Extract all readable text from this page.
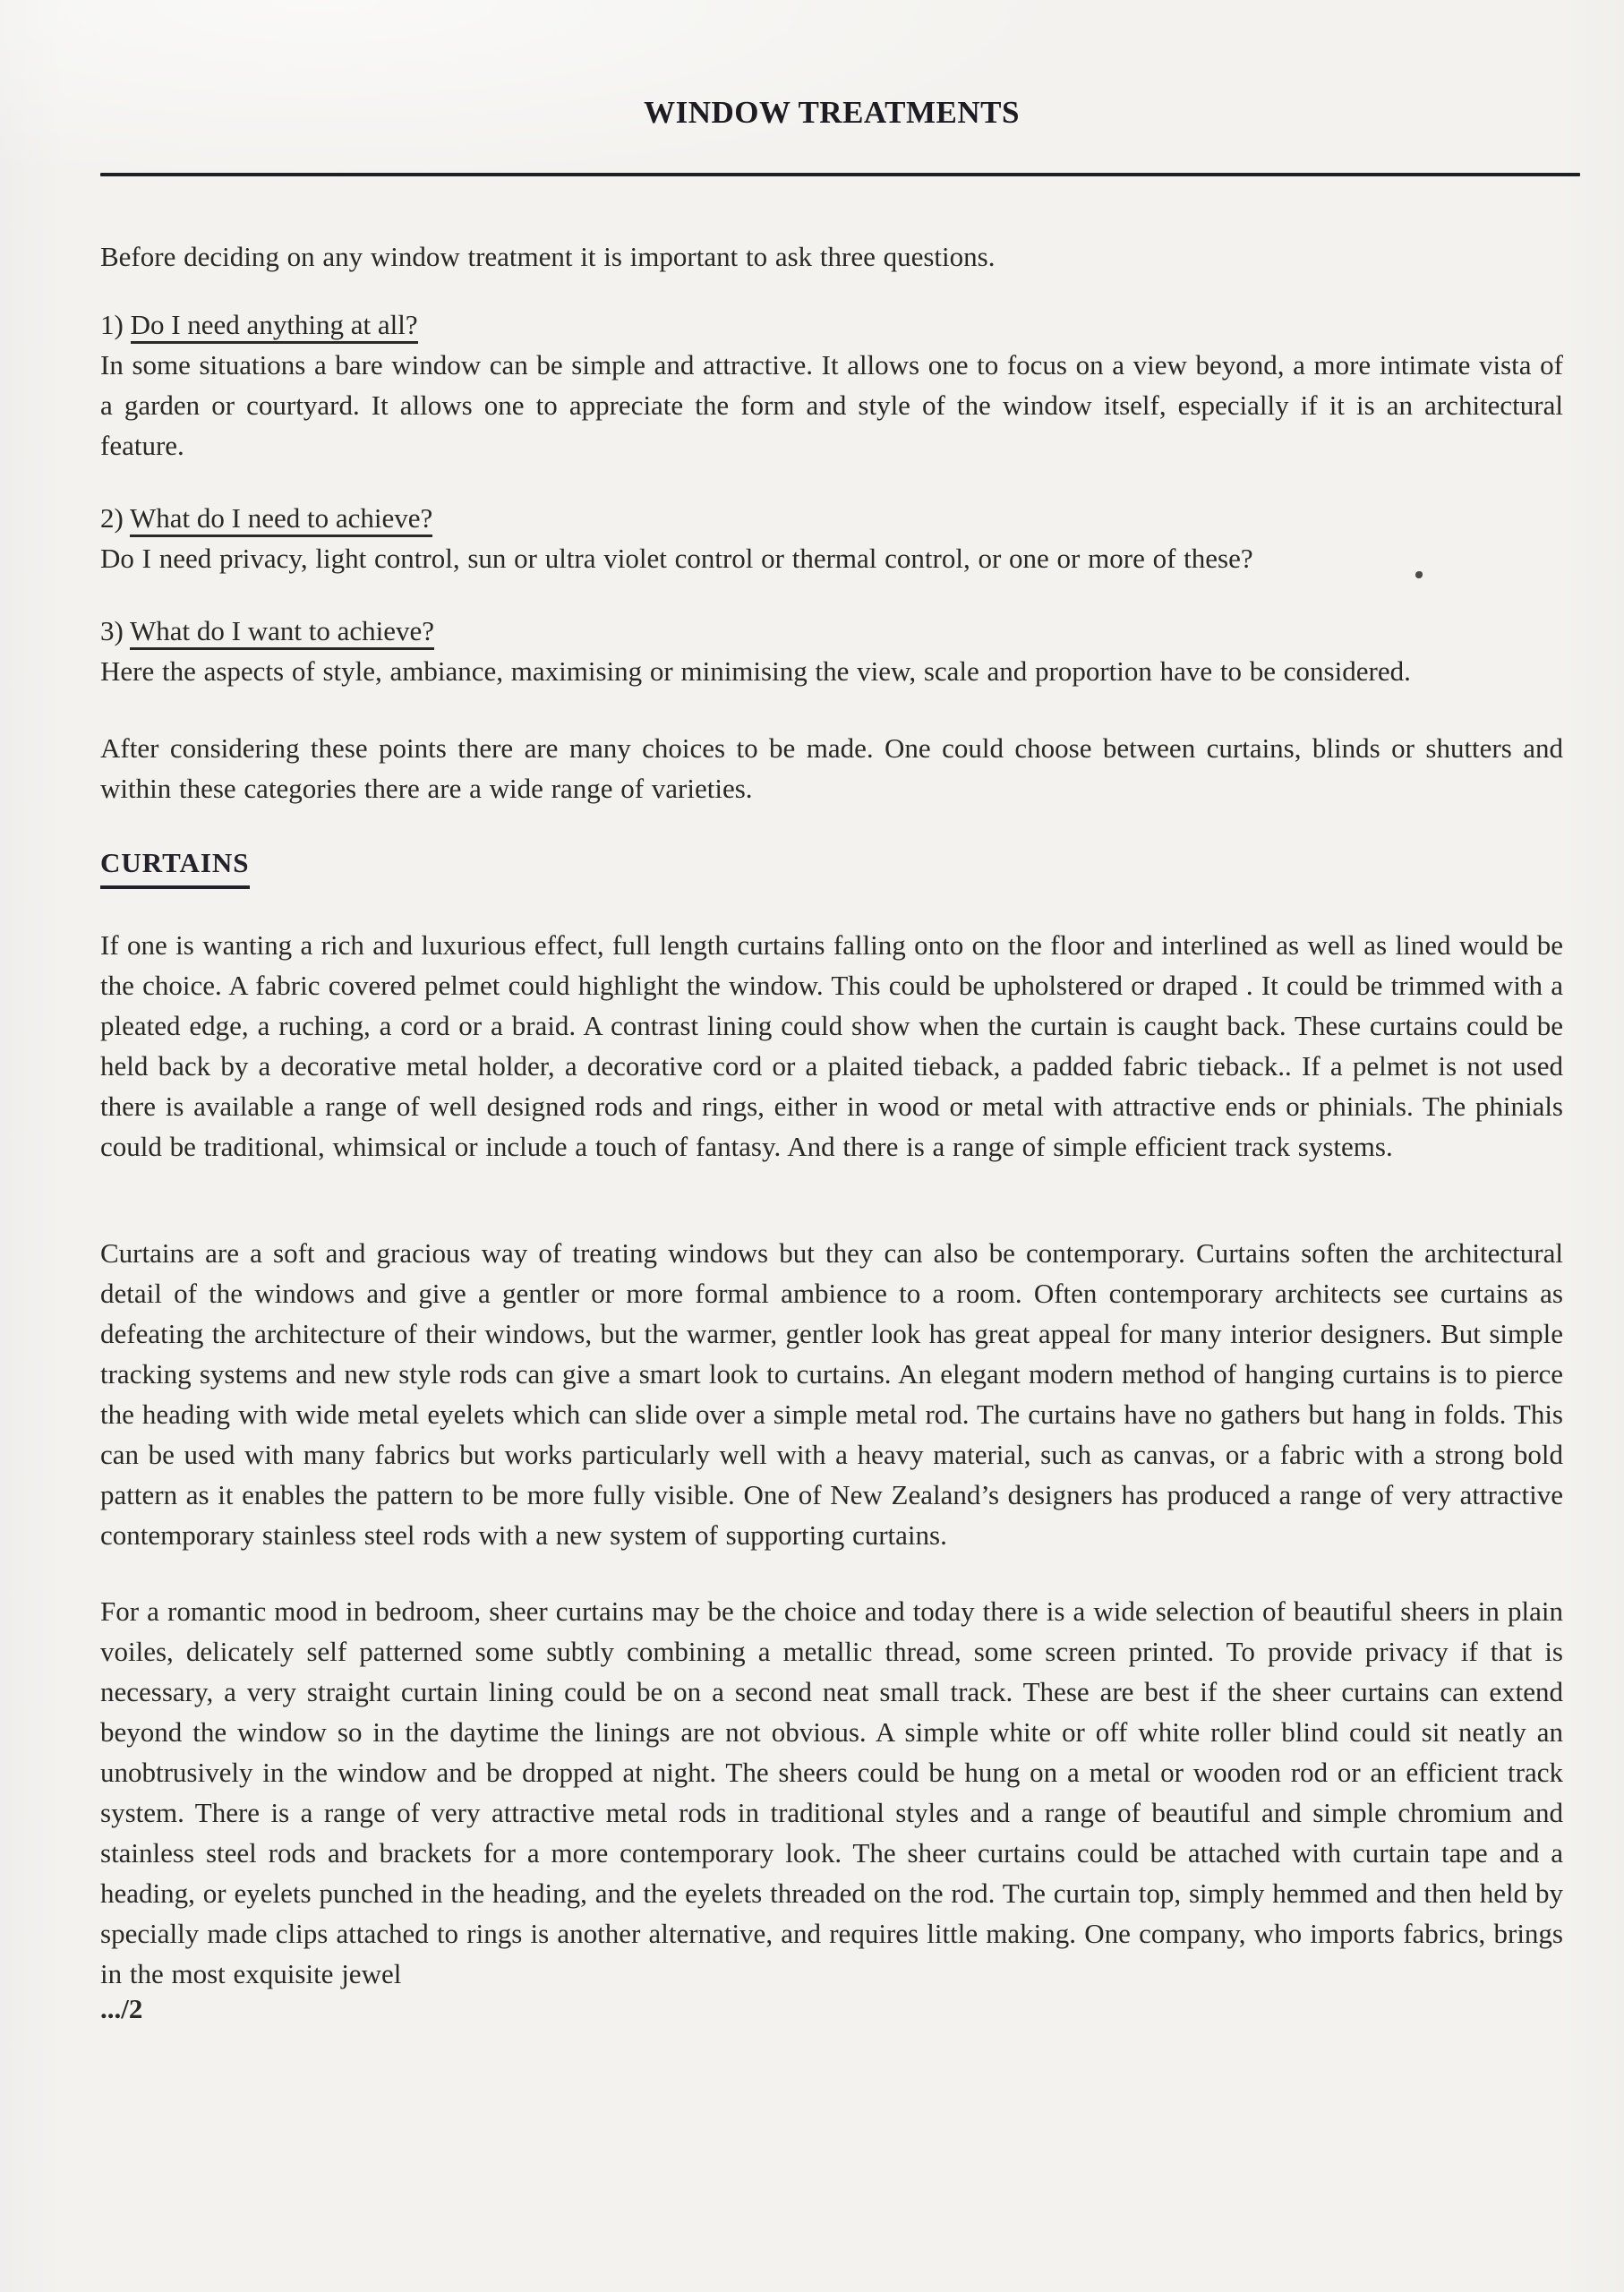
WINDOW TREATMENTS

Before deciding on any window treatment it is important to ask three questions.

1) Do I need anything at all?

In some situations a bare window can be simple and attractive. It allows one to focus on a view beyond, a more intimate vista of a garden or courtyard. It allows one to appreciate the form and style of the window itself, especially if it is an architectural feature.

2) What do I need to achieve?

Do I need privacy, light control, sun or ultra violet control or thermal control, or one or more of these?

3) What do I want to achieve?

Here the aspects of style, ambiance, maximising or minimising the view, scale and proportion have to be considered.

After considering these points there are many choices to be made. One could choose between curtains, blinds or shutters and within these categories there are a wide range of varieties.

CURTAINS

If one is wanting a rich and luxurious effect, full length curtains falling onto on the floor and interlined as well as lined would be the choice. A fabric covered pelmet could highlight the window. This could be upholstered or draped . It could be trimmed with a pleated edge, a ruching, a cord or a braid. A contrast lining could show when the curtain is caught back. These curtains could be held back by a decorative metal holder, a decorative cord or a plaited tieback, a padded fabric tieback.. If a pelmet is not used there is available a range of well designed rods and rings, either in wood or metal with attractive ends or phinials. The phinials could be traditional, whimsical or include a touch of fantasy. And there is a range of simple efficient track systems.

Curtains are a soft and gracious way of treating windows but they can also be contemporary. Curtains soften the architectural detail of the windows and give a gentler or more formal ambience to a room. Often contemporary architects see curtains as defeating the architecture of their windows, but the warmer, gentler look has great appeal for many interior designers. But simple tracking systems and new style rods can give a smart look to curtains. An elegant modern method of hanging curtains is to pierce the heading with wide metal eyelets which can slide over a simple metal rod. The curtains have no gathers but hang in folds. This can be used with many fabrics but works particularly well with a heavy material, such as canvas, or a fabric with a strong bold pattern as it enables the pattern to be more fully visible. One of New Zealand’s designers has produced a range of very attractive contemporary stainless steel rods with a new system of supporting curtains.

For a romantic mood in bedroom, sheer curtains may be the choice and today there is a wide selection of beautiful sheers in plain voiles, delicately self patterned some subtly combining a metallic thread, some screen printed. To provide privacy if that is necessary, a very straight curtain lining could be on a second neat small track. These are best if the sheer curtains can extend beyond the window so in the daytime the linings are not obvious. A simple white or off white roller blind could sit neatly an unobtrusively in the window and be dropped at night. The sheers could be hung on a metal or wooden rod or an efficient track system. There is a range of very attractive metal rods in traditional styles and a range of beautiful and simple chromium and stainless steel rods and brackets for a more contemporary look. The sheer curtains could be attached with curtain tape and a heading, or eyelets punched in the heading, and the eyelets threaded on the rod. The curtain top, simply hemmed and then held by specially made clips attached to rings is another alternative, and requires little making. One company, who imports fabrics, brings in the most exquisite jewel

.../2
